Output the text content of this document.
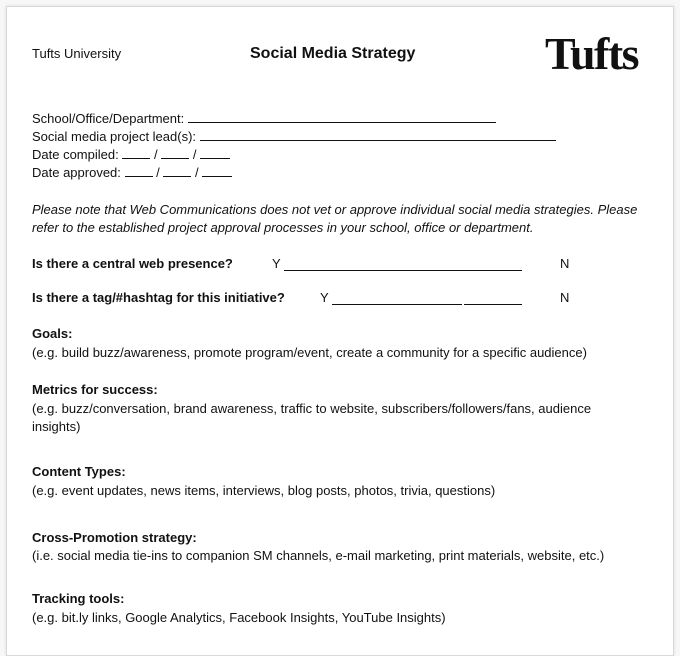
Tufts University	Social Media Strategy	Tufts
School/Office/Department:
Social media project lead(s):
Date compiled:	/	/
Date approved:	/	/
Please note that Web Communications does not vet or approve individual social media strategies. Please refer to the established project approval processes in your school, office or department.
Is there a central web presence?	Y	N
Is there a tag/#hashtag for this initiative?	Y	N
Goals:
(e.g. build buzz/awareness, promote program/event, create a community for a specific audience)
Metrics for success:
(e.g. buzz/conversation, brand awareness, traffic to website, subscribers/followers/fans, audience insights)
Content Types:
(e.g. event updates, news items, interviews, blog posts, photos, trivia, questions)
Cross-Promotion strategy:
(i.e. social media tie-ins to companion SM channels, e-mail marketing, print materials, website, etc.)
Tracking tools:
(e.g. bit.ly links, Google Analytics, Facebook Insights, YouTube Insights)
